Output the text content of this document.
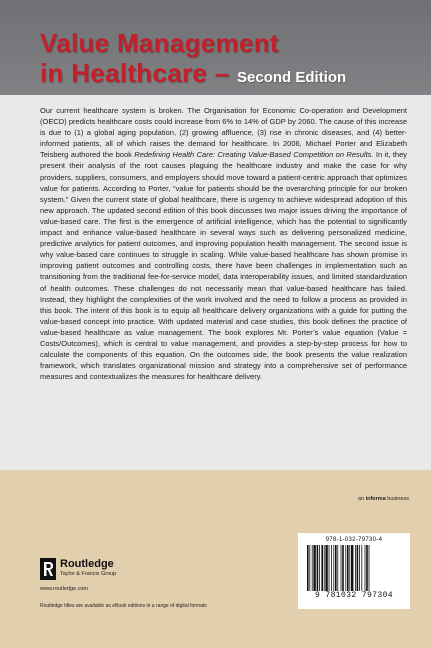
Value Management
in Healthcare – Second Edition

Our current healthcare system is broken. The Organisation for Economic Co-operation and Development (OECD) predicts healthcare costs could increase from 6% to 14% of GDP by 2060. The cause of this increase is due to (1) a global aging population, (2) growing affluence, (3) rise in chronic diseases, and (4) better-informed patients, all of which raises the demand for healthcare. In 2006, Michael Porter and Elizabeth Teisberg authored the book Redefining Health Care: Creating Value-Based Competition on Results. In it, they present their analysis of the root causes plaguing the healthcare industry and make the case for why providers, suppliers, consumers, and employers should move toward a patient-centric approach that optimizes value for patients. According to Porter, “value for patients should be the overarching principle for our broken system.” Given the current state of global healthcare, there is urgency to achieve widespread adoption of this new approach. The updated second edition of this book discusses two major issues driving the importance of value-based care. The first is the emergence of artificial intelligence, which has the potential to significantly impact and enhance value-based healthcare in several ways such as delivering personalized medicine, predictive analytics for patient outcomes, and improving population health management. The second issue is why value-based care continues to struggle in scaling. While value-based healthcare has shown promise in improving patient outcomes and controlling costs, there have been challenges in implementation such as transitioning from the traditional fee-for-service model, data interoperability issues, and limited standardization of health outcomes. These challenges do not necessarily mean that value-based healthcare has failed. Instead, they highlight the complexities of the work involved and the need to follow a process as provided in this book. The intent of this book is to equip all healthcare delivery organizations with a guide for putting the value-based concept into practice. With updated material and case studies, this book defines the practice of value-based healthcare as value management. The book explores Mr. Porter’s value equation (Value = Costs/Outcomes), which is central to value management, and provides a step-by-step process for how to calculate the components of this equation. On the outcomes side, the book presents the value realization framework, which translates organizational mission and strategy into a comprehensive set of performance measures and contextualizes the measures for healthcare delivery.

an informa business
Routledge
Taylor & Francis Group
www.routledge.com
Routledge titles are available as eBook editions in a range of digital formats
978-1-032-79730-4
9 781032 797304
